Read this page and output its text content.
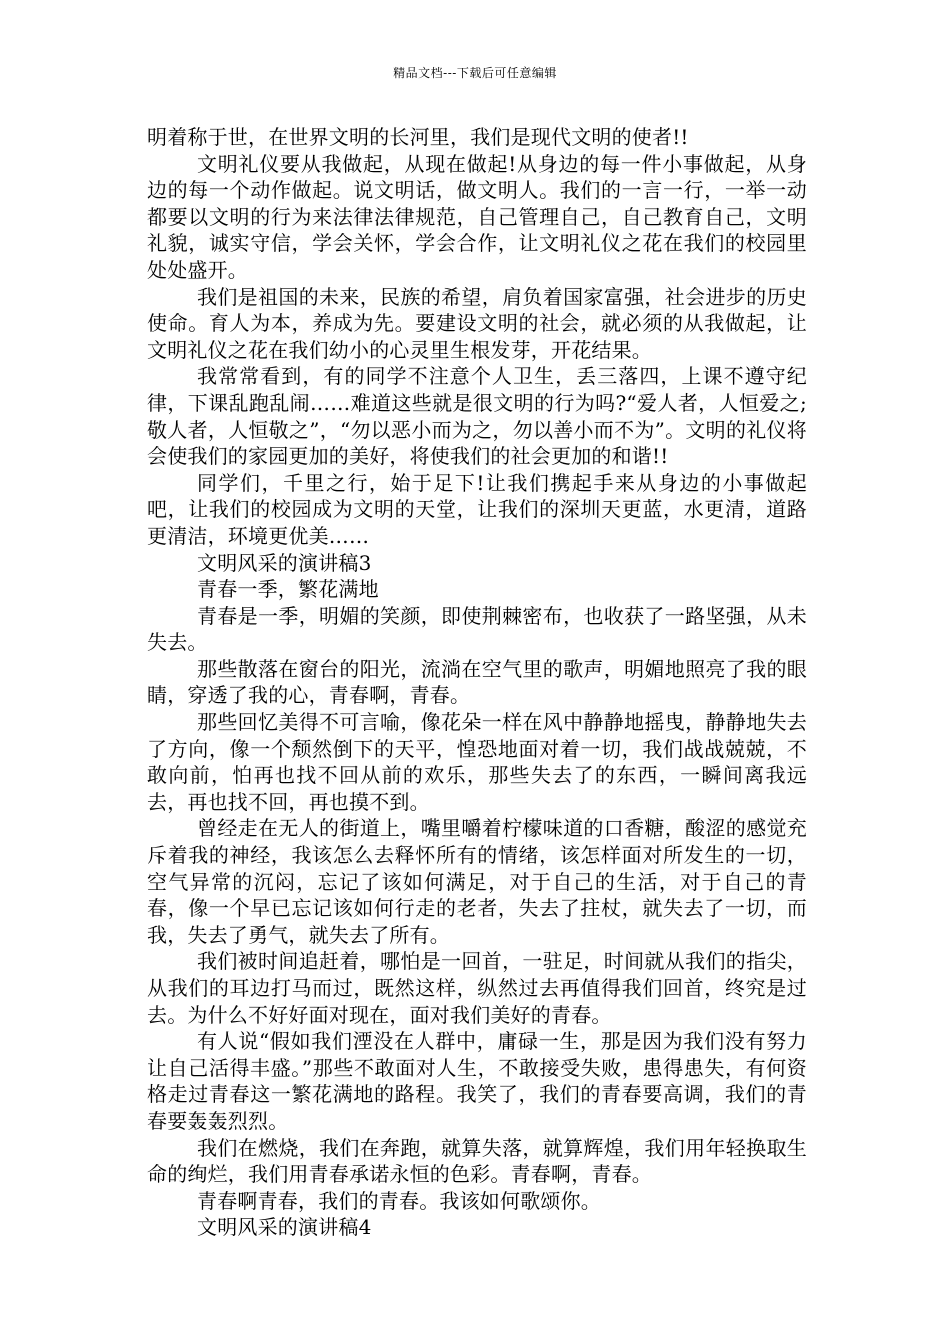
精品文档---下载后可任意编辑

明着称于世，在世界文明的长河里，我们是现代文明的使者!!

文明礼仪要从我做起，从现在做起!从身边的每一件小事做起，从身边的每一个动作做起。说文明话，做文明人。我们的一言一行，一举一动都要以文明的行为来法律法律规范，自己管理自己，自己教育自己，文明礼貌，诚实守信，学会关怀，学会合作，让文明礼仪之花在我们的校园里处处盛开。

我们是祖国的未来，民族的希望，肩负着国家富强，社会进步的历史使命。育人为本，养成为先。要建设文明的社会，就必须的从我做起，让文明礼仪之花在我们幼小的心灵里生根发芽，开花结果。

我常常看到，有的同学不注意个人卫生，丢三落四，上课不遵守纪律，下课乱跑乱闹……难道这些就是很文明的行为吗?“爱人者，人恒爱之;敬人者，人恒敬之”，“勿以恶小而为之，勿以善小而不为”。文明的礼仪将会使我们的家园更加的美好，将使我们的社会更加的和谐!!

同学们，千里之行，始于足下!让我们携起手来从身边的小事做起吧，让我们的校园成为文明的天堂，让我们的深圳天更蓝，水更清，道路更清洁，环境更优美……

文明风采的演讲稿3

青春一季，繁花满地

青春是一季，明媚的笑颜，即使荆棘密布，也收获了一路坚强，从未失去。

那些散落在窗台的阳光，流淌在空气里的歌声，明媚地照亮了我的眼睛，穿透了我的心，青春啊，青春。

那些回忆美得不可言喻，像花朵一样在风中静静地摇曳，静静地失去了方向，像一个颓然倒下的天平，惶恐地面对着一切，我们战战兢兢，不敢向前，怕再也找不回从前的欢乐，那些失去了的东西，一瞬间离我远去，再也找不回，再也摸不到。

曾经走在无人的街道上，嘴里嚼着柠檬味道的口香糖，酸涩的感觉充斥着我的神经，我该怎么去释怀所有的情绪，该怎样面对所发生的一切，空气异常的沉闷，忘记了该如何满足，对于自己的生活，对于自己的青春，像一个早已忘记该如何行走的老者，失去了拄杖，就失去了一切，而我，失去了勇气，就失去了所有。

我们被时间追赶着，哪怕是一回首，一驻足，时间就从我们的指尖，从我们的耳边打马而过，既然这样，纵然过去再值得我们回首，终究是过去。为什么不好好面对现在，面对我们美好的青春。

有人说“假如我们湮没在人群中，庸碌一生，那是因为我们没有努力让自己活得丰盛。”那些不敢面对人生，不敢接受失败，患得患失，有何资格走过青春这一繁花满地的路程。我笑了，我们的青春要高调，我们的青春要轰轰烈烈。

我们在燃烧，我们在奔跑，就算失落，就算辉煌，我们用年轻换取生命的绚烂，我们用青春承诺永恒的色彩。青春啊，青春。

青春啊青春，我们的青春。我该如何歌颂你。

文明风采的演讲稿4
